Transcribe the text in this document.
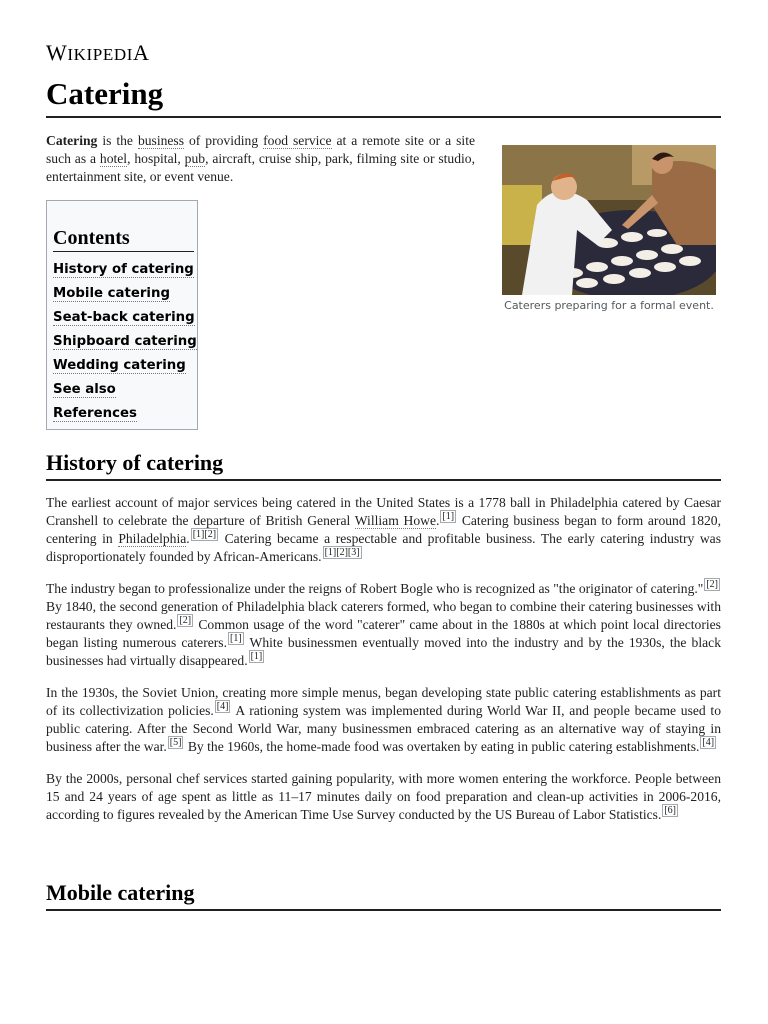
WIKIPEDIA
Catering

Catering is the business of providing food service at a remote site or a site such as a hotel, hospital, pub, aircraft, cruise ship, park, filming site or studio, entertainment site, or event venue.

Contents
History of catering
Mobile catering
Seat-back catering
Shipboard catering
Wedding catering
See also
References
Caterers preparing for a formal event.
History of catering

The earliest account of major services being catered in the United States is a 1778 ball in Philadelphia catered by Caesar Cranshell to celebrate the departure of British General William Howe. [1] Catering business began to form around 1820, centering in Philadelphia. [1][2] Catering became a respectable and profitable business. The early catering industry was disproportionately founded by African-Americans. [1][2][3]

The industry began to professionalize under the reigns of Robert Bogle who is recognized as "the originator of catering." [2] By 1840, the second generation of Philadelphia black caterers formed, who began to combine their catering businesses with restaurants they owned. [2] Common usage of the word "caterer" came about in the 1880s at which point local directories began listing numerous caterers. [1] White businessmen eventually moved into the industry and by the 1930s, the black businesses had virtually disappeared. [1]

In the 1930s, the Soviet Union, creating more simple menus, began developing state public catering establishments as part of its collectivization policies. [4] A rationing system was implemented during World War II, and people became used to public catering. After the Second World War, many businessmen embraced catering as an alternative way of staying in business after the war. [5] By the 1960s, the home-made food was overtaken by eating in public catering establishments. [4]

By the 2000s, personal chef services started gaining popularity, with more women entering the workforce. People between 15 and 24 years of age spent as little as 11–17 minutes daily on food preparation and clean-up activities in 2006-2016, according to figures revealed by the American Time Use Survey conducted by the US Bureau of Labor Statistics. [6]

Mobile catering
